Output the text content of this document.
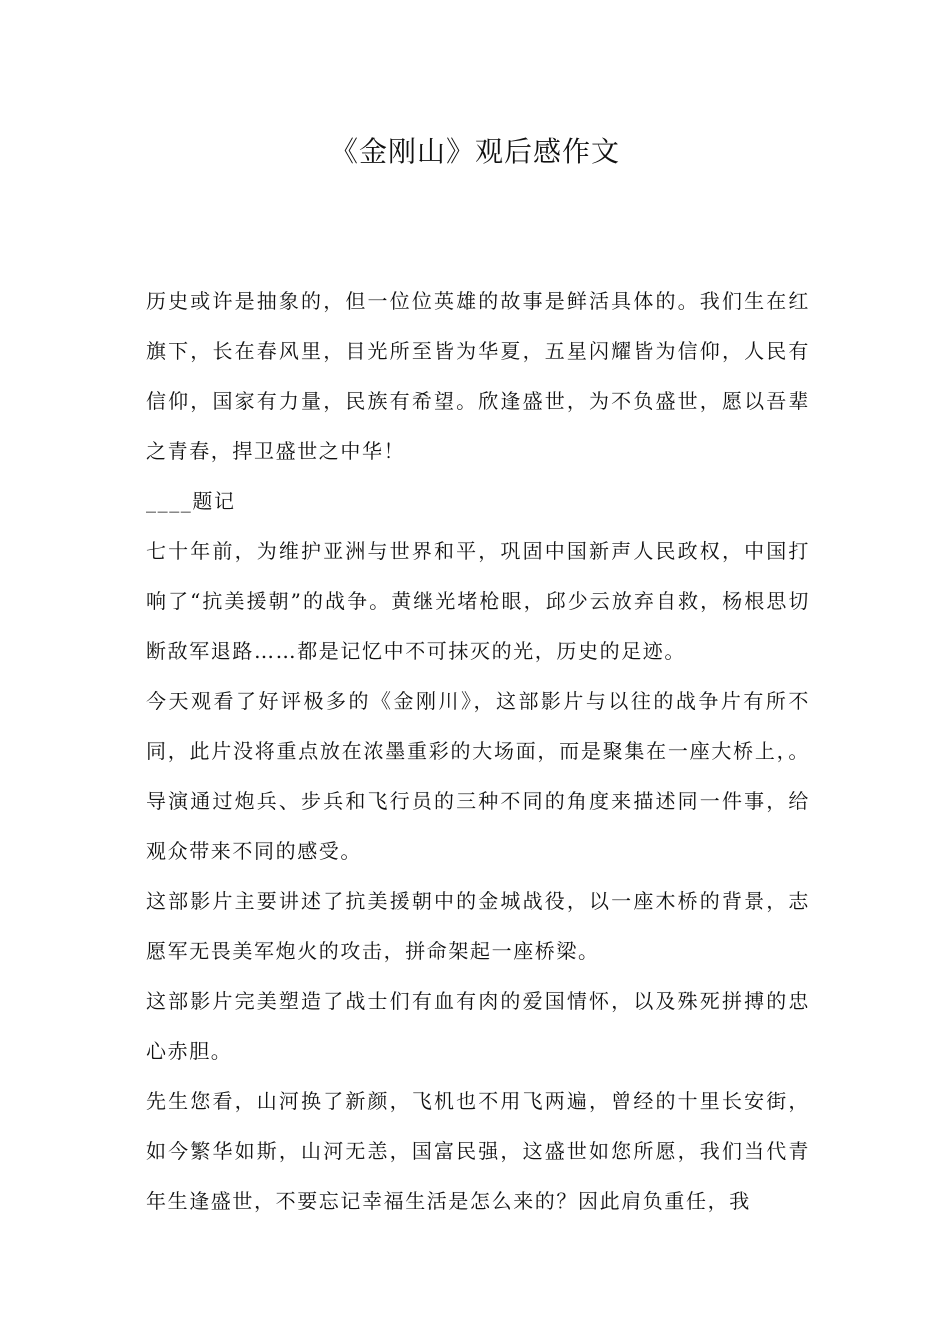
《金刚山》观后感作文

历史或许是抽象的，但一位位英雄的故事是鲜活具体的。我们生在红旗下，长在春风里，目光所至皆为华夏，五星闪耀皆为信仰，人民有信仰，国家有力量，民族有希望。欣逢盛世，为不负盛世，愿以吾辈之青春，捍卫盛世之中华！

____题记

七十年前，为维护亚洲与世界和平，巩固中国新声人民政权，中国打响了“抗美援朝”的战争。黄继光堵枪眼，邱少云放弃自救，杨根思切断敌军退路……都是记忆中不可抹灭的光，历史的足迹。

今天观看了好评极多的《金刚川》，这部影片与以往的战争片有所不同，此片没将重点放在浓墨重彩的大场面，而是聚集在一座大桥上，。导演通过炮兵、步兵和飞行员的三种不同的角度来描述同一件事，给观众带来不同的感受。

这部影片主要讲述了抗美援朝中的金城战役，以一座木桥的背景，志愿军无畏美军炮火的攻击，拼命架起一座桥梁。

这部影片完美塑造了战士们有血有肉的爱国情怀，以及殊死拼搏的忠心赤胆。

先生您看，山河换了新颜，飞机也不用飞两遍，曾经的十里长安街，如今繁华如斯，山河无恙，国富民强，这盛世如您所愿，我们当代青年生逢盛世，不要忘记幸福生活是怎么来的？因此肩负重任，我
